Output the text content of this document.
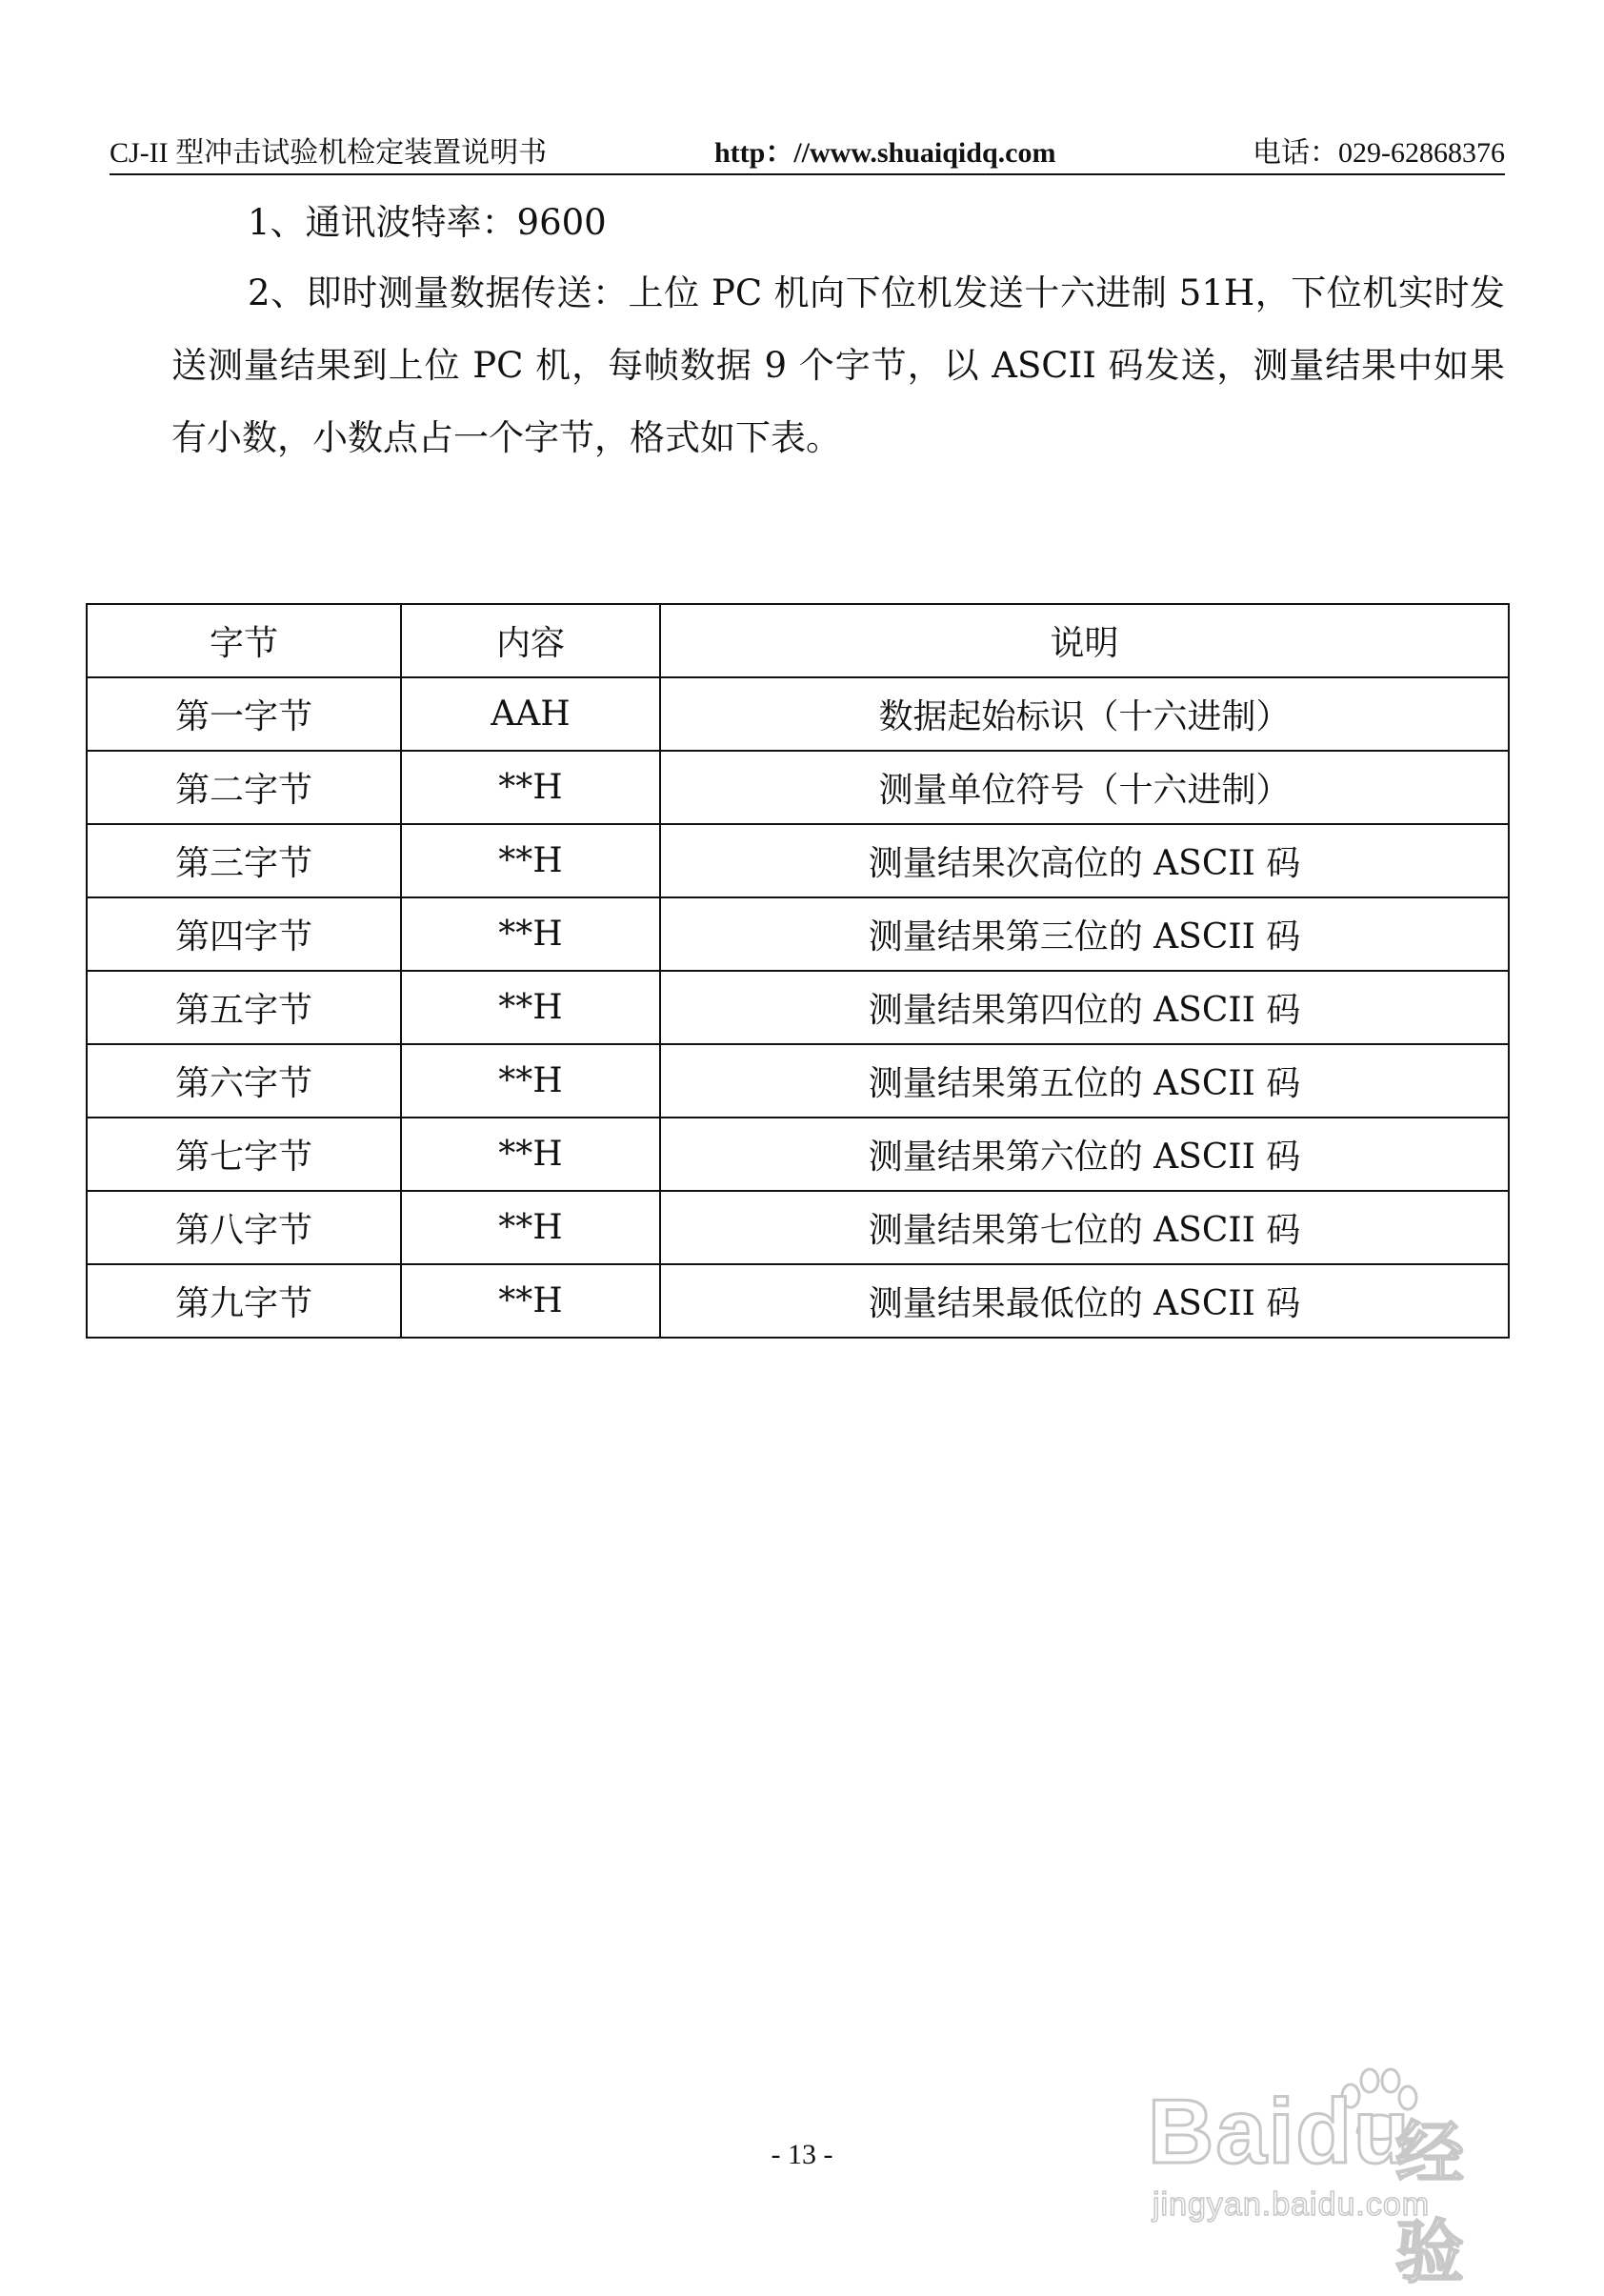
CJ-II 型冲击试验机检定装置说明书	http：//www.shuaiqidq.com	电话：029-62868376
1、通讯波特率：9600
2、即时测量数据传送：上位 PC 机向下位机发送十六进制 51H，下位机实时发送测量结果到上位 PC 机，每帧数据 9 个字节，以 ASCII 码发送，测量结果中如果有小数，小数点占一个字节，格式如下表。
字节	内容	说明
第一字节	AAH	数据起始标识（十六进制）
第二字节	**H	测量单位符号（十六进制）
第三字节	**H	测量结果次高位的 ASCII 码
第四字节	**H	测量结果第三位的 ASCII 码
第五字节	**H	测量结果第四位的 ASCII 码
第六字节	**H	测量结果第五位的 ASCII 码
第七字节	**H	测量结果第六位的 ASCII 码
第八字节	**H	测量结果第七位的 ASCII 码
第九字节	**H	测量结果最低位的 ASCII 码
- 13 -	Baidu
经验
jingyan.baidu.com
